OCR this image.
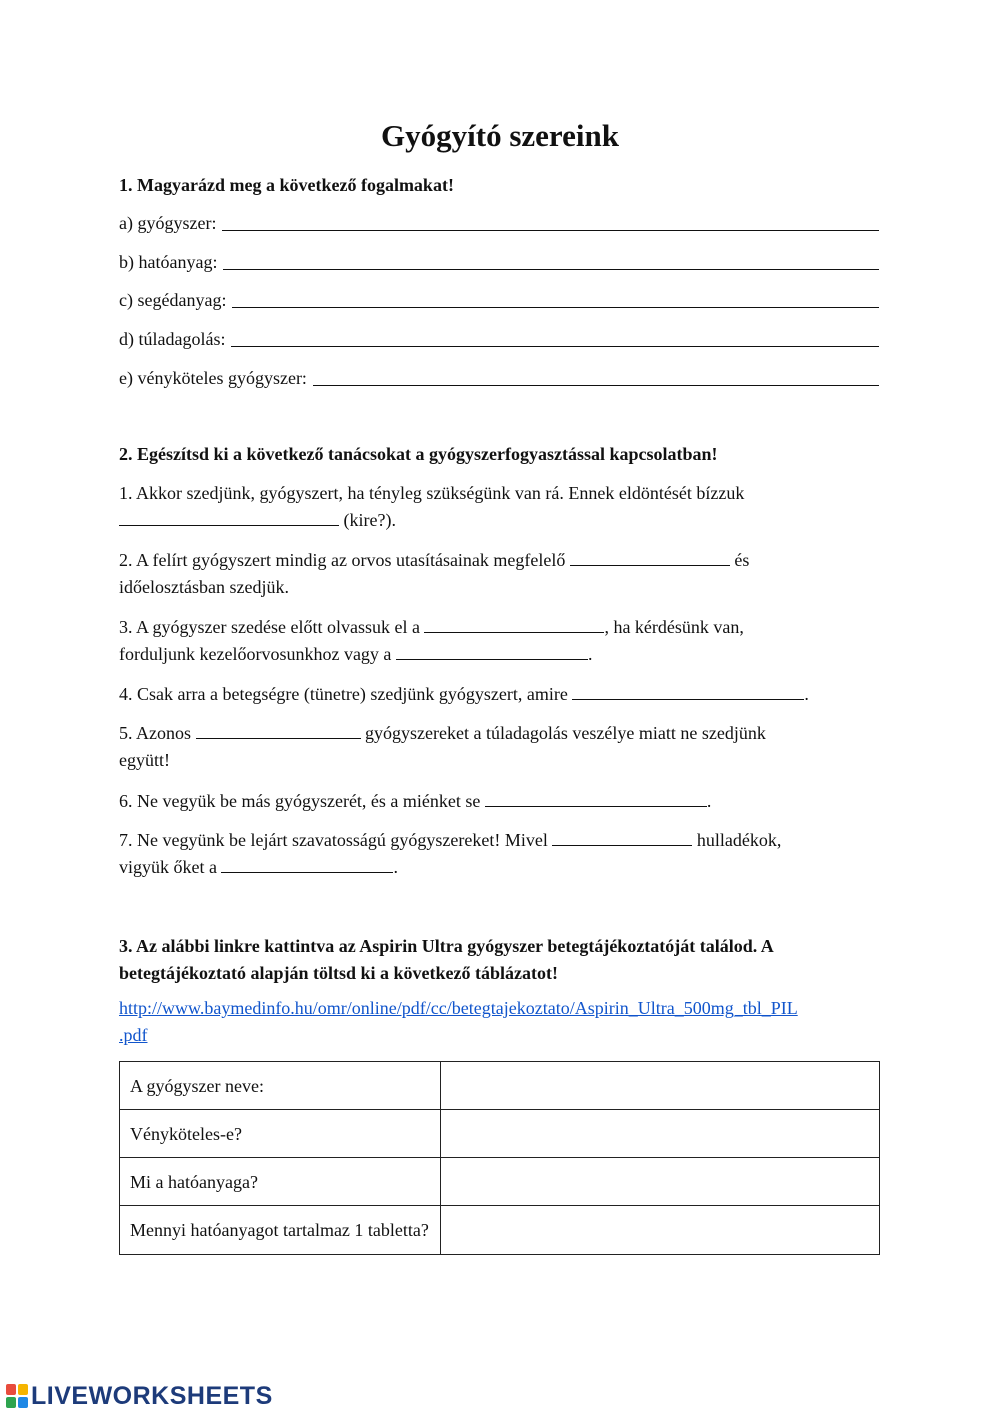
Gyógyító szereink

1. Magyarázd meg a következő fogalmakat!

a) gyógyszer:
b) hatóanyag:
c) segédanyag:
d) túladagolás:
e) vényköteles gyógyszer:

2. Egészítsd ki a következő tanácsokat a gyógyszerfogyasztással kapcsolatban!

1. Akkor szedjünk, gyógyszert, ha tényleg szükségünk van rá. Ennek eldöntését bízzuk
(kire?).
2. A felírt gyógyszert mindig az orvos utasításainak megfelelő	és
időelosztásban szedjük.
3. A gyógyszer szedése előtt olvassuk el a	, ha kérdésünk van,
forduljunk kezelőorvosunkhoz vagy a	.
4. Csak arra a betegségre (tünetre) szedjünk gyógyszert, amire	.
5. Azonos	gyógyszereket a túladagolás veszélye miatt ne szedjünk
együtt!
6. Ne vegyük be más gyógyszerét, és a miénket se	.
7. Ne vegyünk be lejárt szavatosságú gyógyszereket! Mivel	hulladékok,
vigyük őket a	.

3. Az alábbi linkre kattintva az Aspirin Ultra gyógyszer betegtájékoztatóját találod. A betegtájékoztató alapján töltsd ki a következő táblázatot!

http://www.baymedinfo.hu/omr/online/pdf/cc/betegtajekoztato/Aspirin_Ultra_500mg_tbl_PIL
.pdf
A gyógyszer neve:	
Vényköteles-e?	
Mi a hatóanyaga?	
Mennyi hatóanyagot tartalmaz 1 tabletta?	
LIVEWORKSHEETS
